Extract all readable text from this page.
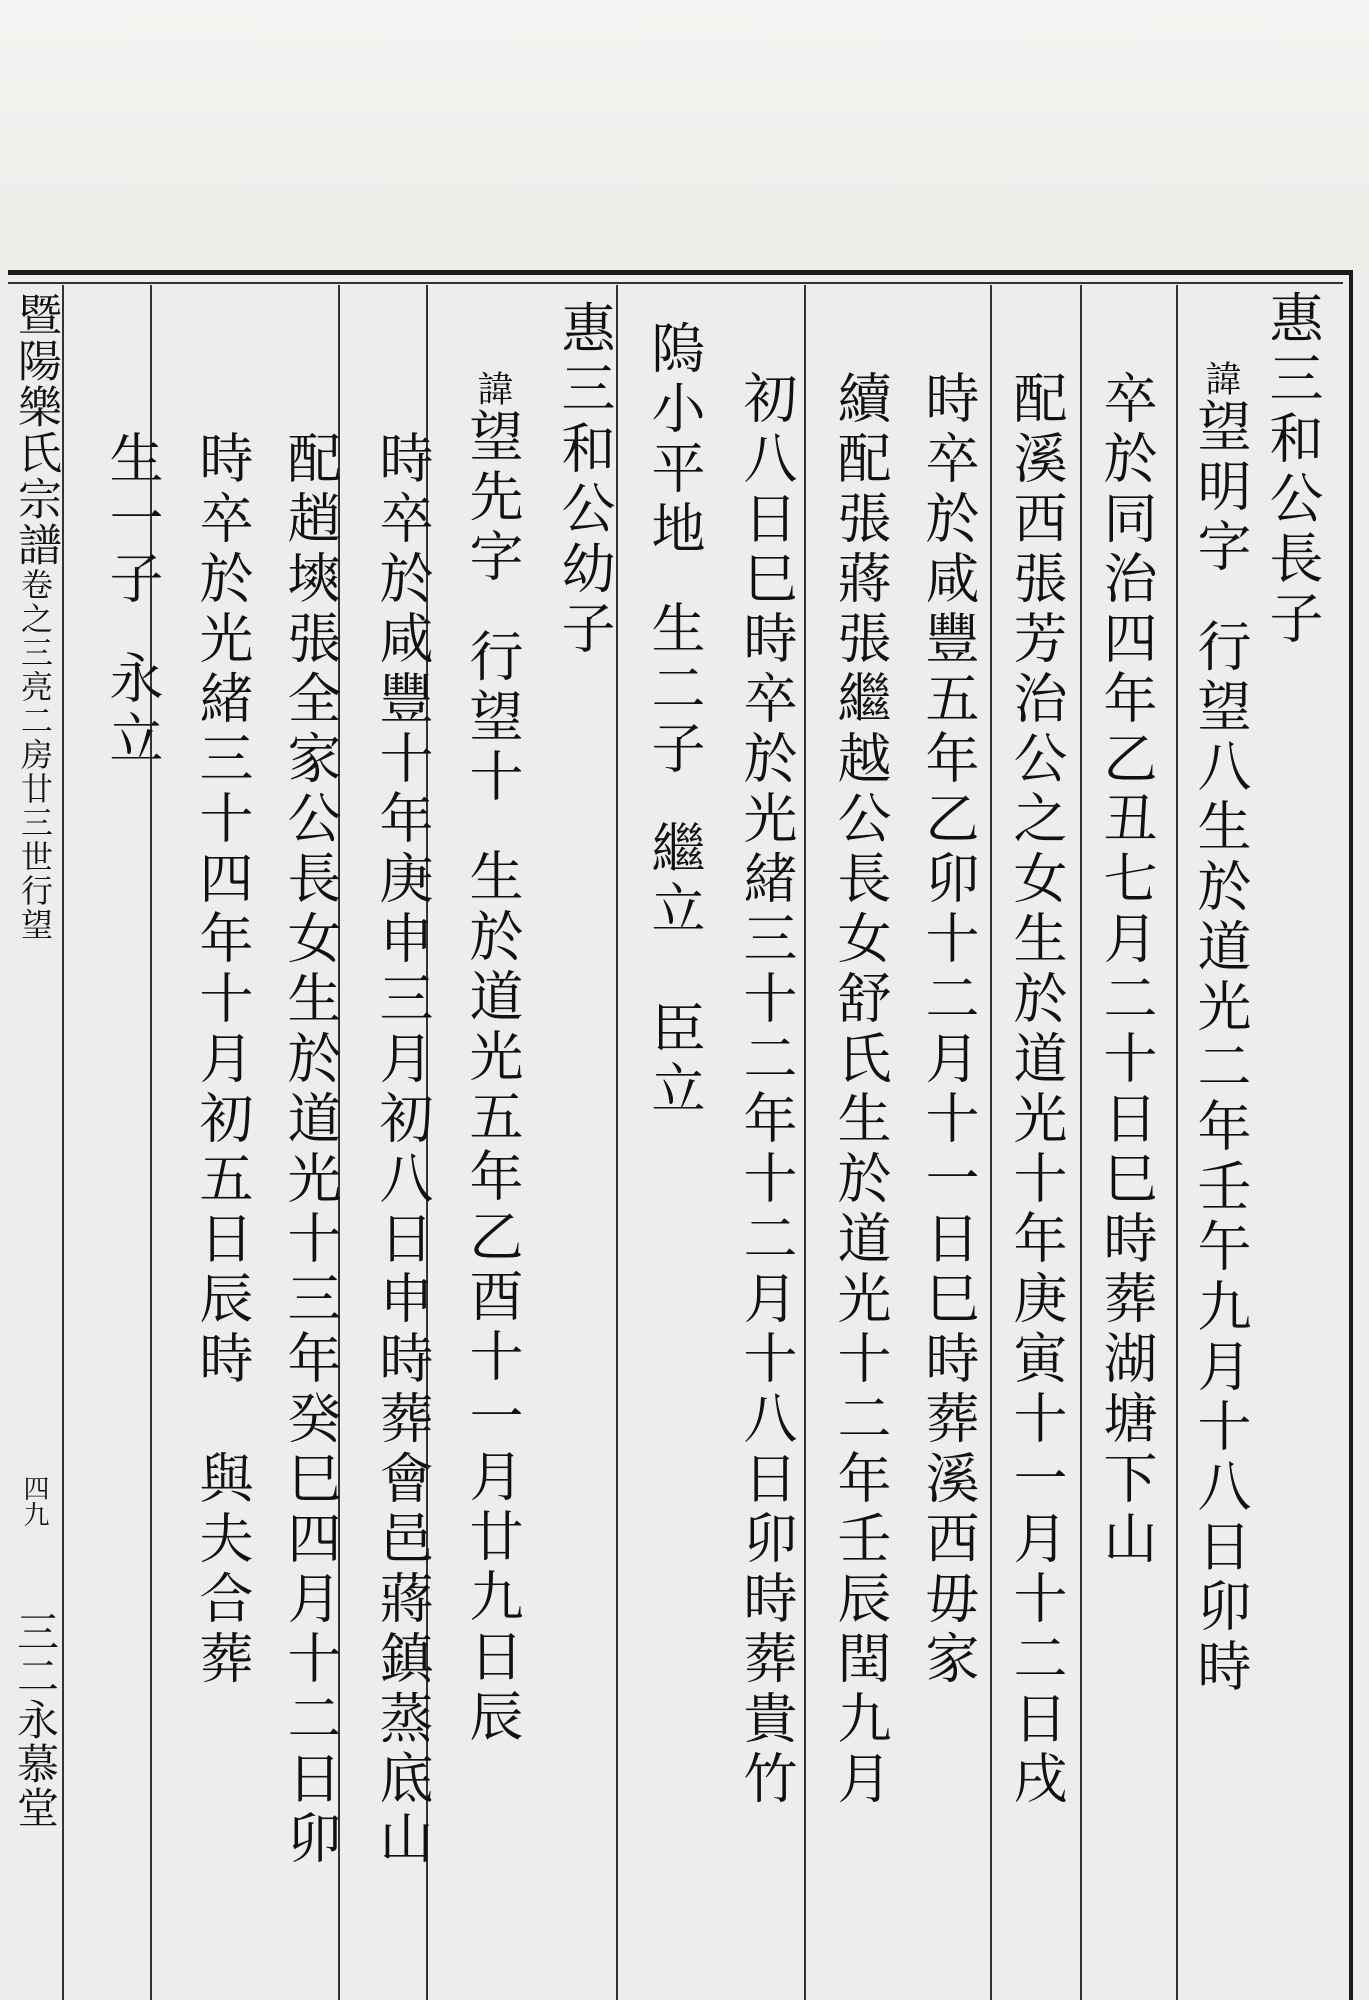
暨陽樂氏宗譜卷之三亮二房廿三世行望
四九
三二永慕堂
惠三和公長子
諱望明字行望八生於道光二年壬午九月十八日卯時
卒於同治四年乙丑七月二十日巳時葬湖塘下山
配溪西張芳治公之女生於道光十年庚寅十一月十二日戌
時卒於咸豐五年乙卯十二月十一日巳時葬溪西毋家
續配張蔣張繼越公長女舒氏生於道光十二年壬辰閏九月
初八日巳時卒於光緒三十二年十二月十八日卯時葬貴竹
隖小平地生二子繼立　臣立
惠三和公幼子
諱望先字行望十生於道光五年乙酉十一月廿九日辰
時卒於咸豐十年庚申三月初八日申時葬會邑蔣鎮蒸底山
配趙塽張全家公長女生於道光十三年癸巳四月十二日卯
時卒於光緒三十四年十月初五日辰時　與夫合葬
生一子永立
